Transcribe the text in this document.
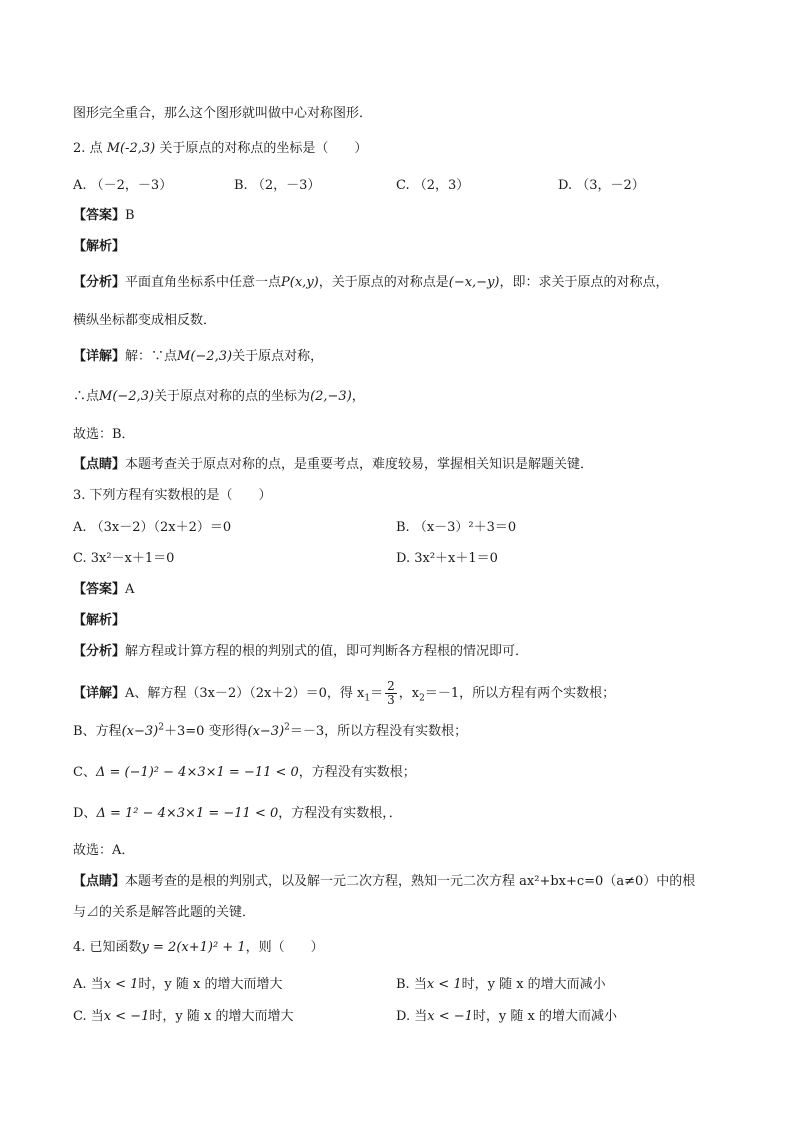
图形完全重合，那么这个图形就叫做中心对称图形．
2. 点 M(-2,3) 关于原点的对称点的坐标是（　　）
A. （－2，－3）	B. （2，－3）	C. （2，3）	D. （3，－2）
【答案】B
【解析】
【分析】平面直角坐标系中任意一点P(x,y)，关于原点的对称点是(−x,−y)，即：求关于原点的对称点，
横纵坐标都变成相反数．
【详解】解：∵点M(−2,3)关于原点对称，
∴点M(−2,3)关于原点对称的点的坐标为(2,−3)，
故选：B．
【点睛】本题考查关于原点对称的点，是重要考点，难度较易，掌握相关知识是解题关键．
3. 下列方程有实数根的是（　　）
A. （3x－2）（2x＋2）＝0	B. （x－3）²＋3＝0
C. 3x²－x＋1＝0	D. 3x²＋x＋1＝0
【答案】A
【解析】
【分析】解方程或计算方程的根的判别式的值，即可判断各方程根的情况即可．
【详解】A、解方程（3x－2）（2x＋2）＝0，得 $x_1= \frac{2}{3}$ ，$x_2=-1$，所以方程有两个实数根；
B、方程$(x-3)^2+3=0$ 变形得$(x-3)^2=-3$，所以方程没有实数根；
C、Δ = (−1)² − 4×3×1 = −11 < 0，方程没有实数根；
D、Δ = 1² − 4×3×1 = −11 < 0，方程没有实数根，．
故选：A．
【点睛】本题考查的是根的判别式，以及解一元二次方程，熟知一元二次方程 ax²+bx+c=0（a≠0）中的根
与⊿的关系是解答此题的关键．
4. 已知函数y = 2(x+1)² + 1，则（　　）
A. 当x < 1时，y 随 x 的增大而增大	B. 当x < 1时，y 随 x 的增大而减小
C. 当x < −1时，y 随 x 的增大而增大	D. 当x < −1时，y 随 x 的增大而减小
